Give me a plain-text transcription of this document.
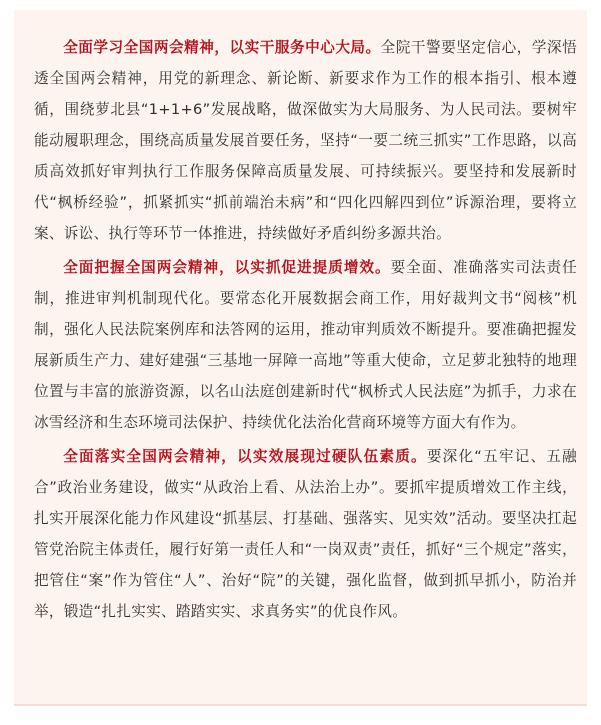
全面学习全国两会精神，以实干服务中心大局。全院干警要坚定信心，学深悟透全国两会精神，用党的新理念、新论断、新要求作为工作的根本指引、根本遵循，围绕萝北县“1+1+6”发展战略，做深做实为大局服务、为人民司法。要树牢能动履职理念，围绕高质量发展首要任务，坚持“一要二统三抓实”工作思路，以高质高效抓好审判执行工作服务保障高质量发展、可持续振兴。要坚持和发展新时代“枫桥经验”，抓紧抓实“抓前端治未病”和“四化四解四到位”诉源治理，要将立案、诉讼、执行等环节一体推进，持续做好矛盾纠纷多源共治。

全面把握全国两会精神，以实抓促进提质增效。要全面、准确落实司法责任制，推进审判机制现代化。要常态化开展数据会商工作，用好裁判文书“阅核”机制，强化人民法院案例库和法答网的运用，推动审判质效不断提升。要准确把握发展新质生产力、建好建强“三基地一屏障一高地”等重大使命，立足萝北独特的地理位置与丰富的旅游资源，以名山法庭创建新时代“枫桥式人民法庭”为抓手，力求在冰雪经济和生态环境司法保护、持续优化法治化营商环境等方面大有作为。

全面落实全国两会精神，以实效展现过硬队伍素质。要深化“五牢记、五融合”政治业务建设，做实“从政治上看、从法治上办”。要抓牢提质增效工作主线，扎实开展深化能力作风建设“抓基层、打基础、强落实、见实效”活动。要坚决扛起管党治院主体责任，履行好第一责任人和“一岗双责”责任，抓好“三个规定”落实，把管住“案”作为管住“人”、治好“院”的关键，强化监督，做到抓早抓小，防治并举，锻造“扎扎实实、踏踏实实、求真务实”的优良作风。
